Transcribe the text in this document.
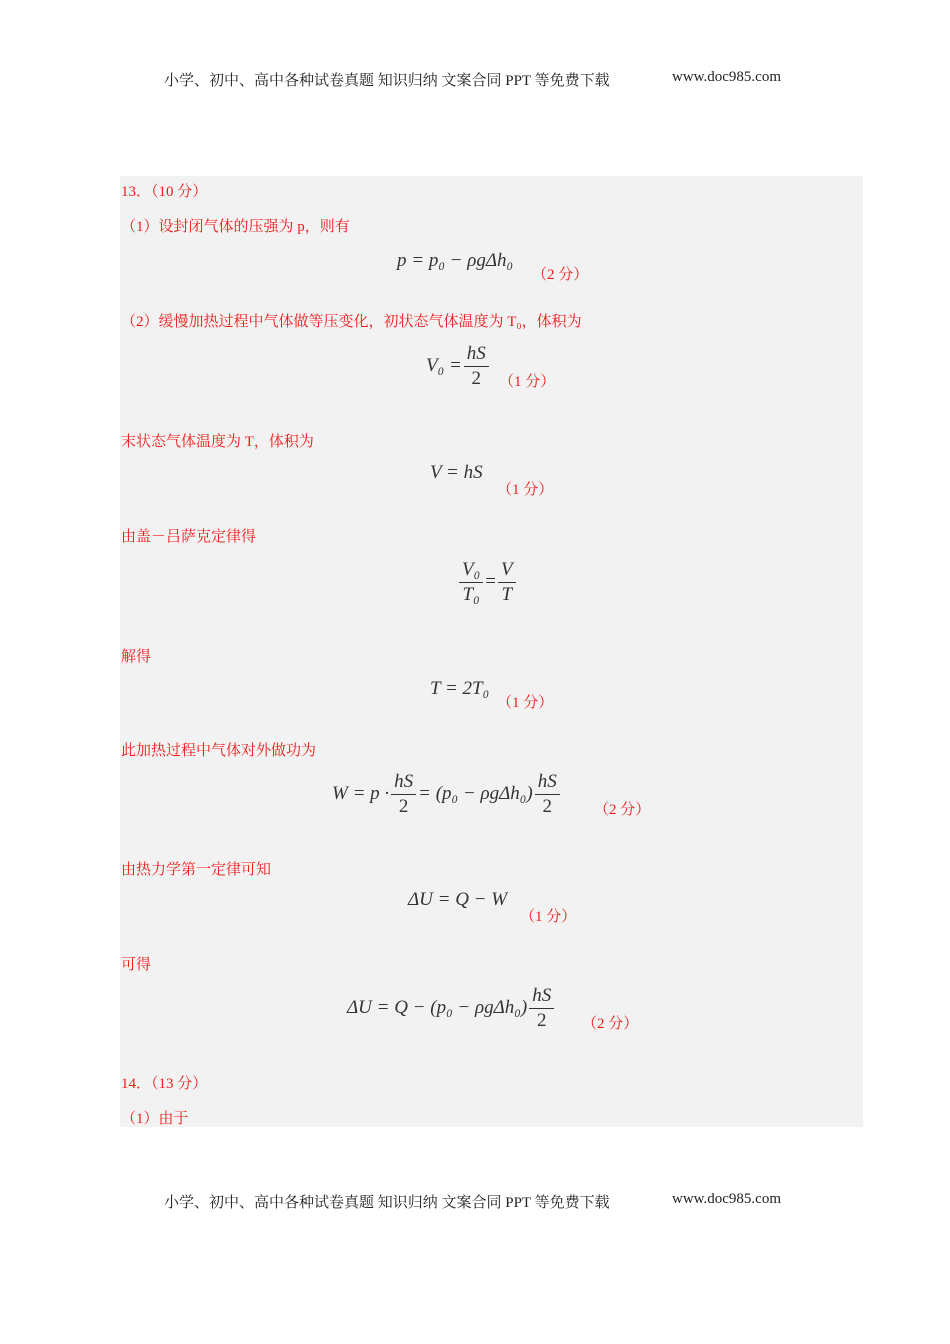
小学、初中、高中各种试卷真题 知识归纳 文案合同 PPT 等免费下载	www.doc985.com
13．（10 分）
（1）设封闭气体的压强为 p，则有
p = p₀ − ρgΔh₀
（2 分）
（2）缓慢加热过程中气体做等压变化，初状态气体温度为 T₀，体积为
$V_0 = \frac{hS}{2} (1$ 分）
末状态气体温度为 T，体积为
V = hS
（1 分）
由盖－吕萨克定律得
$\frac{\text{V₀}}{\text{T₀}} = \frac{V}{T}$
解得
T = 2T₀
（1 分）
此加热过程中气体对外做功为
$W = p \cdot \frac{hS}{2} = (p_0 - \rho g\Delta h_0) \frac{hS}{2} (2$ 分）
由热力学第一定律可知
ΔU = Q − W
（1 分）
可得
$\Delta U = Q - (p_0 - \rho g\Delta h_0) \frac{hS}{2} (2$ 分）
14．（13 分）
（1）由于
小学、初中、高中各种试卷真题 知识归纳 文案合同 PPT 等免费下载	www.doc985.com
